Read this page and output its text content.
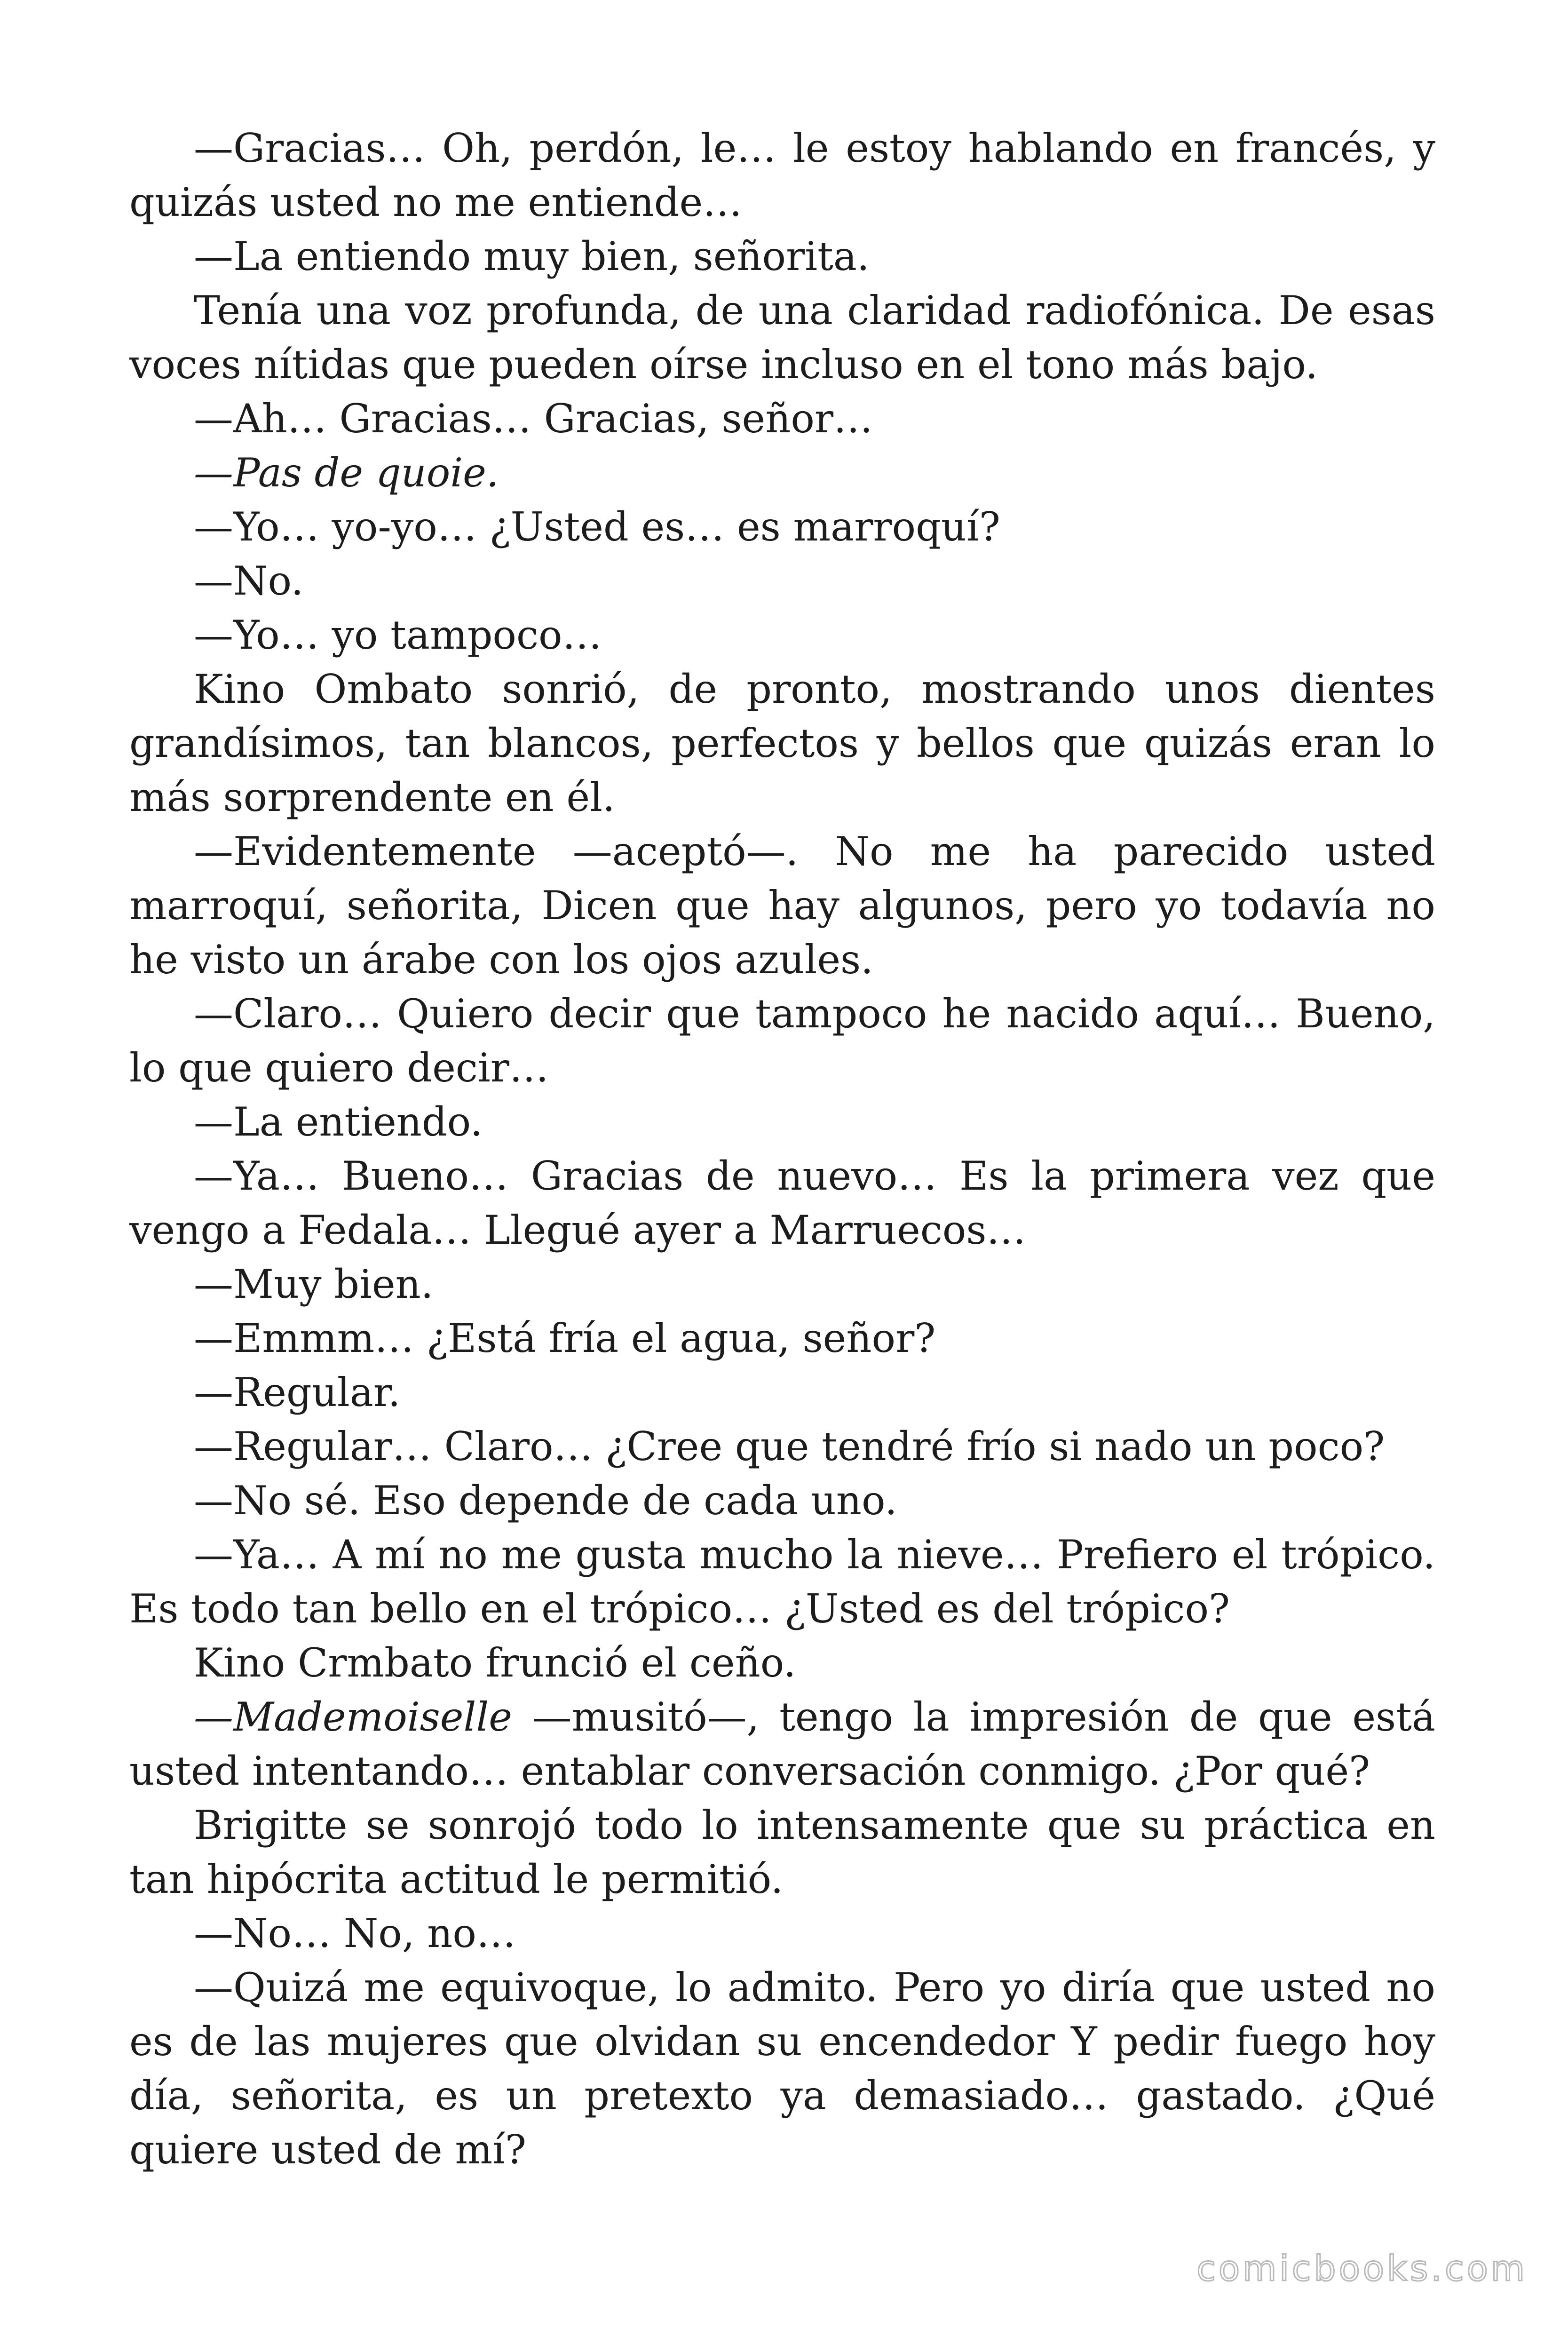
—Gracias… Oh, perdón, le… le estoy hablando en francés, y quizás usted no me entiende…

—La entiendo muy bien, señorita.

Tenía una voz profunda, de una claridad radiofónica. De esas voces nítidas que pueden oírse incluso en el tono más bajo.

—Ah… Gracias… Gracias, señor…

—Pas de quoie.

—Yo… yo-yo… ¿Usted es… es marroquí?

—No.

—Yo… yo tampoco…

Kino Ombato sonrió, de pronto, mostrando unos dientes grandísimos, tan blancos, perfectos y bellos que quizás eran lo más sorprendente en él.

—Evidentemente —aceptó—. No me ha parecido usted marroquí, señorita, Dicen que hay algunos, pero yo todavía no he visto un árabe con los ojos azules.

—Claro… Quiero decir que tampoco he nacido aquí… Bueno, lo que quiero decir…

—La entiendo.

—Ya… Bueno… Gracias de nuevo… Es la primera vez que vengo a Fedala… Llegué ayer a Marruecos…

—Muy bien.

—Emmm… ¿Está fría el agua, señor?

—Regular.

—Regular… Claro… ¿Cree que tendré frío si nado un poco?

—No sé. Eso depende de cada uno.

—Ya… A mí no me gusta mucho la nieve… Prefiero el trópico. Es todo tan bello en el trópico… ¿Usted es del trópico?

Kino Crmbato frunció el ceño.

—Mademoiselle —musitó—, tengo la impresión de que está usted intentando… entablar conversación conmigo. ¿Por qué?

Brigitte se sonrojó todo lo intensamente que su práctica en tan hipócrita actitud le permitió.

—No… No, no…

—Quizá me equivoque, lo admito. Pero yo diría que usted no es de las mujeres que olvidan su encendedor Y pedir fuego hoy día, señorita, es un pretexto ya demasiado… gastado. ¿Qué quiere usted de mí?

comicbooks.com
